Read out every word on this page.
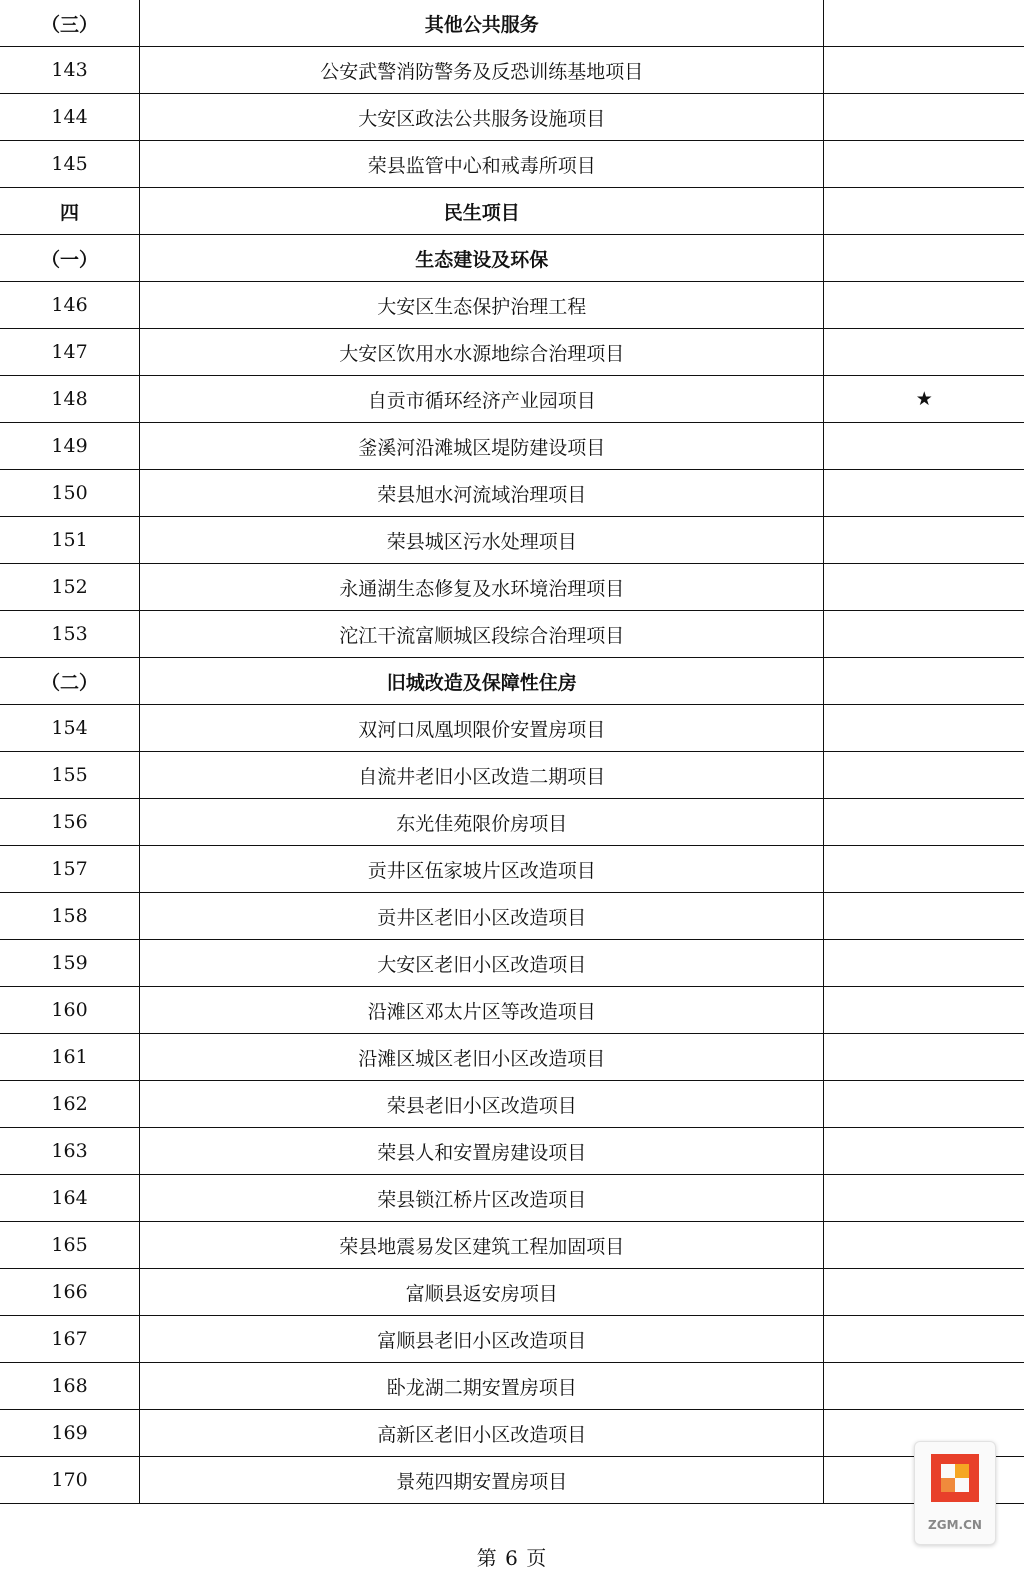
（三）	其他公共服务	
143	公安武警消防警务及反恐训练基地项目	
144	大安区政法公共服务设施项目	
145	荣县监管中心和戒毒所项目	
四	民生项目	
（一）	生态建设及环保	
146	大安区生态保护治理工程	
147	大安区饮用水水源地综合治理项目	
148	自贡市循环经济产业园项目	★
149	釜溪河沿滩城区堤防建设项目	
150	荣县旭水河流域治理项目	
151	荣县城区污水处理项目	
152	永通湖生态修复及水环境治理项目	
153	沱江干流富顺城区段综合治理项目	
（二）	旧城改造及保障性住房	
154	双河口凤凰坝限价安置房项目	
155	自流井老旧小区改造二期项目	
156	东光佳苑限价房项目	
157	贡井区伍家坡片区改造项目	
158	贡井区老旧小区改造项目	
159	大安区老旧小区改造项目	
160	沿滩区邓太片区等改造项目	
161	沿滩区城区老旧小区改造项目	
162	荣县老旧小区改造项目	
163	荣县人和安置房建设项目	
164	荣县锁江桥片区改造项目	
165	荣县地震易发区建筑工程加固项目	
166	富顺县返安房项目	
167	富顺县老旧小区改造项目	
168	卧龙湖二期安置房项目	
169	高新区老旧小区改造项目	
170	景苑四期安置房项目	
第 6 页
ZGM.CN
